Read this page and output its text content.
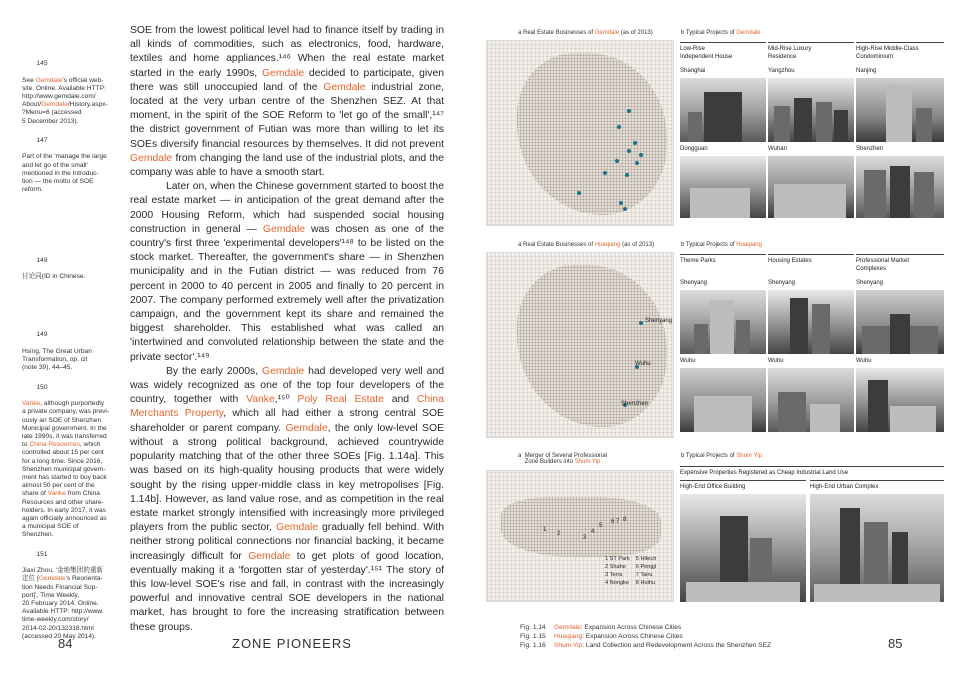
145

See Gemdale's official web-
site. Online. Available HTTP:
http://www.gemdale.com/
About/Gemdale/History.aspx-
?Menu=6 (accessed
5 December 2013).

147

Part of the 'manage the large
and let go of the small'
mentioned in the Introduc-
tion — the motto of SOE
reform.

149

讨论同(ID in Chinese.

149

Hsing, The Great Urban
Transformation, op. cit
(note 39), 44–45.

150

Vanke, although purportedly
a private company, was previ-
ously an SOE of Shenzhen
Municipal government. In the
late 1990s, it was transferred
to China Resources, which
controlled about 15 per cent
for a long time. Since 2016,
Shenzhen municipal govern-
ment has started to buy back
almost 50 per cent of the
share of Vanke from China
Resources and other share-
holders. In early 2017, it was
again officially announced as
a municipal SOE of Shenzhen.

151

Jiaxi Zhou, '金地集团的重新
定位 [Gemdale's Reorienta-
tion Needs Financial Sup-
port]', Time Weekly,
20 February 2014. Online.
Available HTTP: http://www.
time-weekly.com/story/
2014-02-20/132318.html
(accessed 20 May 2014).

SOE from the lowest political level had to finance itself by trading in all kinds of commodities, such as electronics, food, hardware, textiles and home appliances.¹⁴⁶ When the real estate market started in the early 1990s, Gemdale decided to participate, given there was still unoccupied land of the Gemdale industrial zone, located at the very urban centre of the Shenzhen SEZ. At that moment, in the spirit of the SOE Reform to 'let go of the small',¹⁴⁷ the district government of Futian was more than willing to let its SOEs diversify financial resources by themselves. It did not prevent Gemdale from changing the land use of the industrial plots, and the company was able to have a smooth start.

Later on, when the Chinese government started to boost the real estate market — in anticipation of the great demand after the 2000 Housing Reform, which had suspended social housing construction in general — Gemdale was chosen as one of the country's first three 'experimental developers'¹⁴⁸ to be listed on the stock market. Thereafter, the government's share — in Shenzhen municipality and in the Futian district — was reduced from 76 percent in 2000 to 40 percent in 2005 and finally to 20 percent in 2007. The company performed extremely well after the privatization campaign, and the government kept its share and remained the biggest shareholder. This established what was called an 'intertwined and convoluted relationship between the state and the private sector'.¹⁴⁹

By the early 2000s, Gemdale had developed very well and was widely recognized as one of the top four developers of the country, together with Vanke,¹⁵⁰ Poly Real Estate and China Merchants Property, which all had either a strong central SOE shareholder or parent company. Gemdale, the only low-level SOE without a strong political background, achieved countrywide popularity matching that of the other three SOEs [Fig. 1.14a]. This was based on its high-quality housing products that were widely sought by the rising upper-middle class in key metropolises [Fig. 1.14b]. However, as land value rose, and as competition in the real estate market strongly intensified with increasingly more privileged players from the public sector, Gemdale gradually fell behind. With neither strong political connections nor financial backing, it became increasingly difficult for Gemdale to get plots of good location, eventually making it a 'forgotten star of yesterday'.¹⁵¹ The story of this low-level SOE's rise and fall, in contrast with the increasingly powerful and innovative central SOE developers in the national market, has brought to fore the increasing stratification between these groups.

84	ZONE PIONEERS
a Real Estate Businesses of Gemdale (as of 2013)	b Typical Projects of Gemdale
Low-Rise
Independent House
Mid-Rise Luxury
Residence
High-Rise Middle-Class
Condominium
Shanghai	Yangzhou	Nanjing
Dongguan	Wuhan	Shenzhen
a Real Estate Businesses of Huaqiang (as of 2013)	b Typical Projects of Huaqiang
Shenyang
Wuhu
Shenzhen
Theme Parks	Housing Estates	Professional Market
Complexes
Shenyang	Shenyang	Shenyang
Wuhu	Wuhu	Wuhu
a  Merger of Several Professional
Zone Builders into Shum Yip
b Typical Projects of Shum Yip
1
2
3
4
5
6 7 8
1 ST Park
2 Shahe
3 Terra
4 Nongke
5 Hitech
6 Pengji
7 Tairu
8 Huihu
Expensive Properties Registered as Cheap Industrial Land Use
High-End Office Building	High-End Urban Complex
Fig. 1.14 Gemdale: Expansion Across Chinese Cities
Fig. 1.15 Huaqiang: Expansion Across Chinese Cities
Fig. 1.16 Shum Yip: Land Collection and Redevelopment Across the Shenzhen SEZ	85
